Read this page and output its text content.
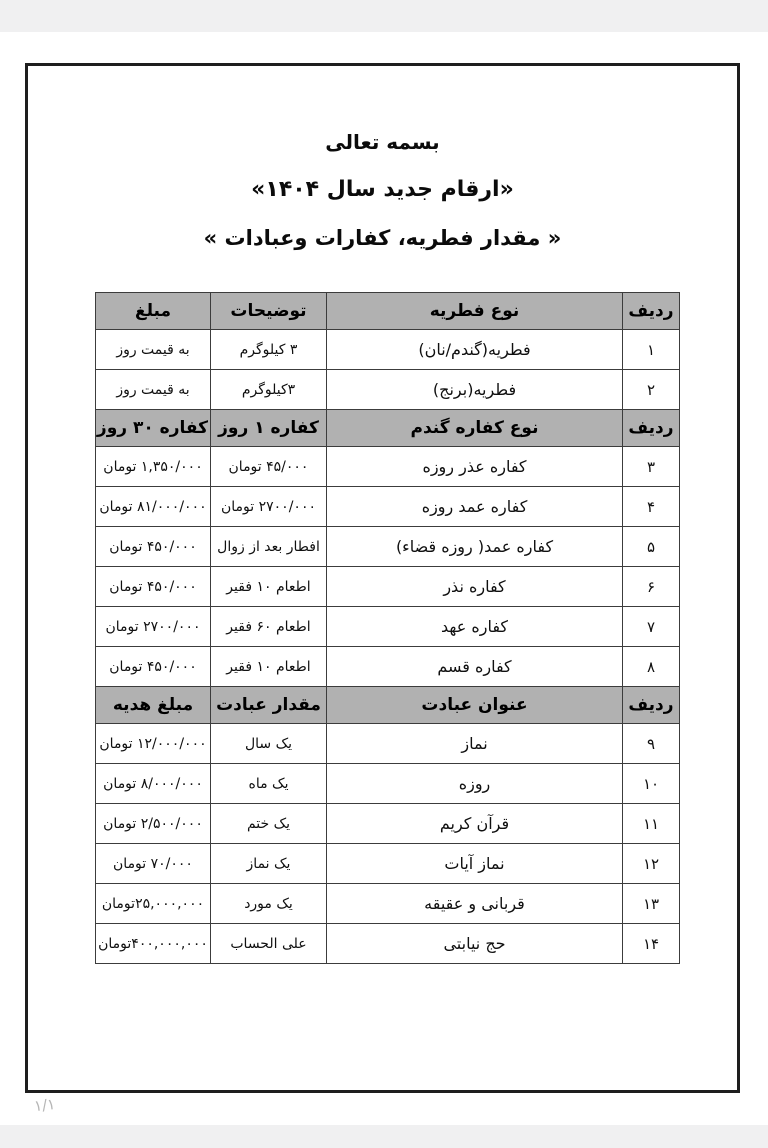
بسمه تعالی
«ارقام جدید سال ۱۴۰۴»
« مقدار فطریه، کفارات وعبادات »
ردیف	نوع فطریه	توضیحات	مبلغ
۱	فطریه(گندم/نان)	۳ کیلوگرم	به قیمت روز
۲	فطریه(برنج)	۳کیلوگرم	به قیمت روز
ردیف	نوع کفاره گندم	کفاره ۱ روز	کفاره ۳۰ روز
۳	کفاره عذر روزه	۴۵/۰۰۰ تومان	۱,۳۵۰/۰۰۰ تومان
۴	کفاره عمد روزه	۲۷۰۰/۰۰۰ تومان	۸۱/۰۰۰/۰۰۰ تومان
۵	کفاره عمد( روزه قضاء)	افطار بعد از زوال	۴۵۰/۰۰۰ تومان
۶	کفاره نذر	اطعام ۱۰ فقیر	۴۵۰/۰۰۰ تومان
۷	کفاره عهد	اطعام ۶۰ فقیر	۲۷۰۰/۰۰۰ تومان
۸	کفاره قسم	اطعام ۱۰ فقیر	۴۵۰/۰۰۰ تومان
ردیف	عنوان عبادت	مقدار عبادت	مبلغ هدیه
۹	نماز	یک سال	۱۲/۰۰۰/۰۰۰ تومان
۱۰	روزه	یک ماه	۸/۰۰۰/۰۰۰ تومان
۱۱	قرآن کریم	یک ختم	۲/۵۰۰/۰۰۰ تومان
۱۲	نماز آیات	یک نماز	۷۰/۰۰۰ تومان
۱۳	قربانی و عقیقه	یک مورد	۲۵,۰۰۰,۰۰۰تومان
۱۴	حج نیابتی	علی الحساب	۴۰۰,۰۰۰,۰۰۰تومان
۱/۱
